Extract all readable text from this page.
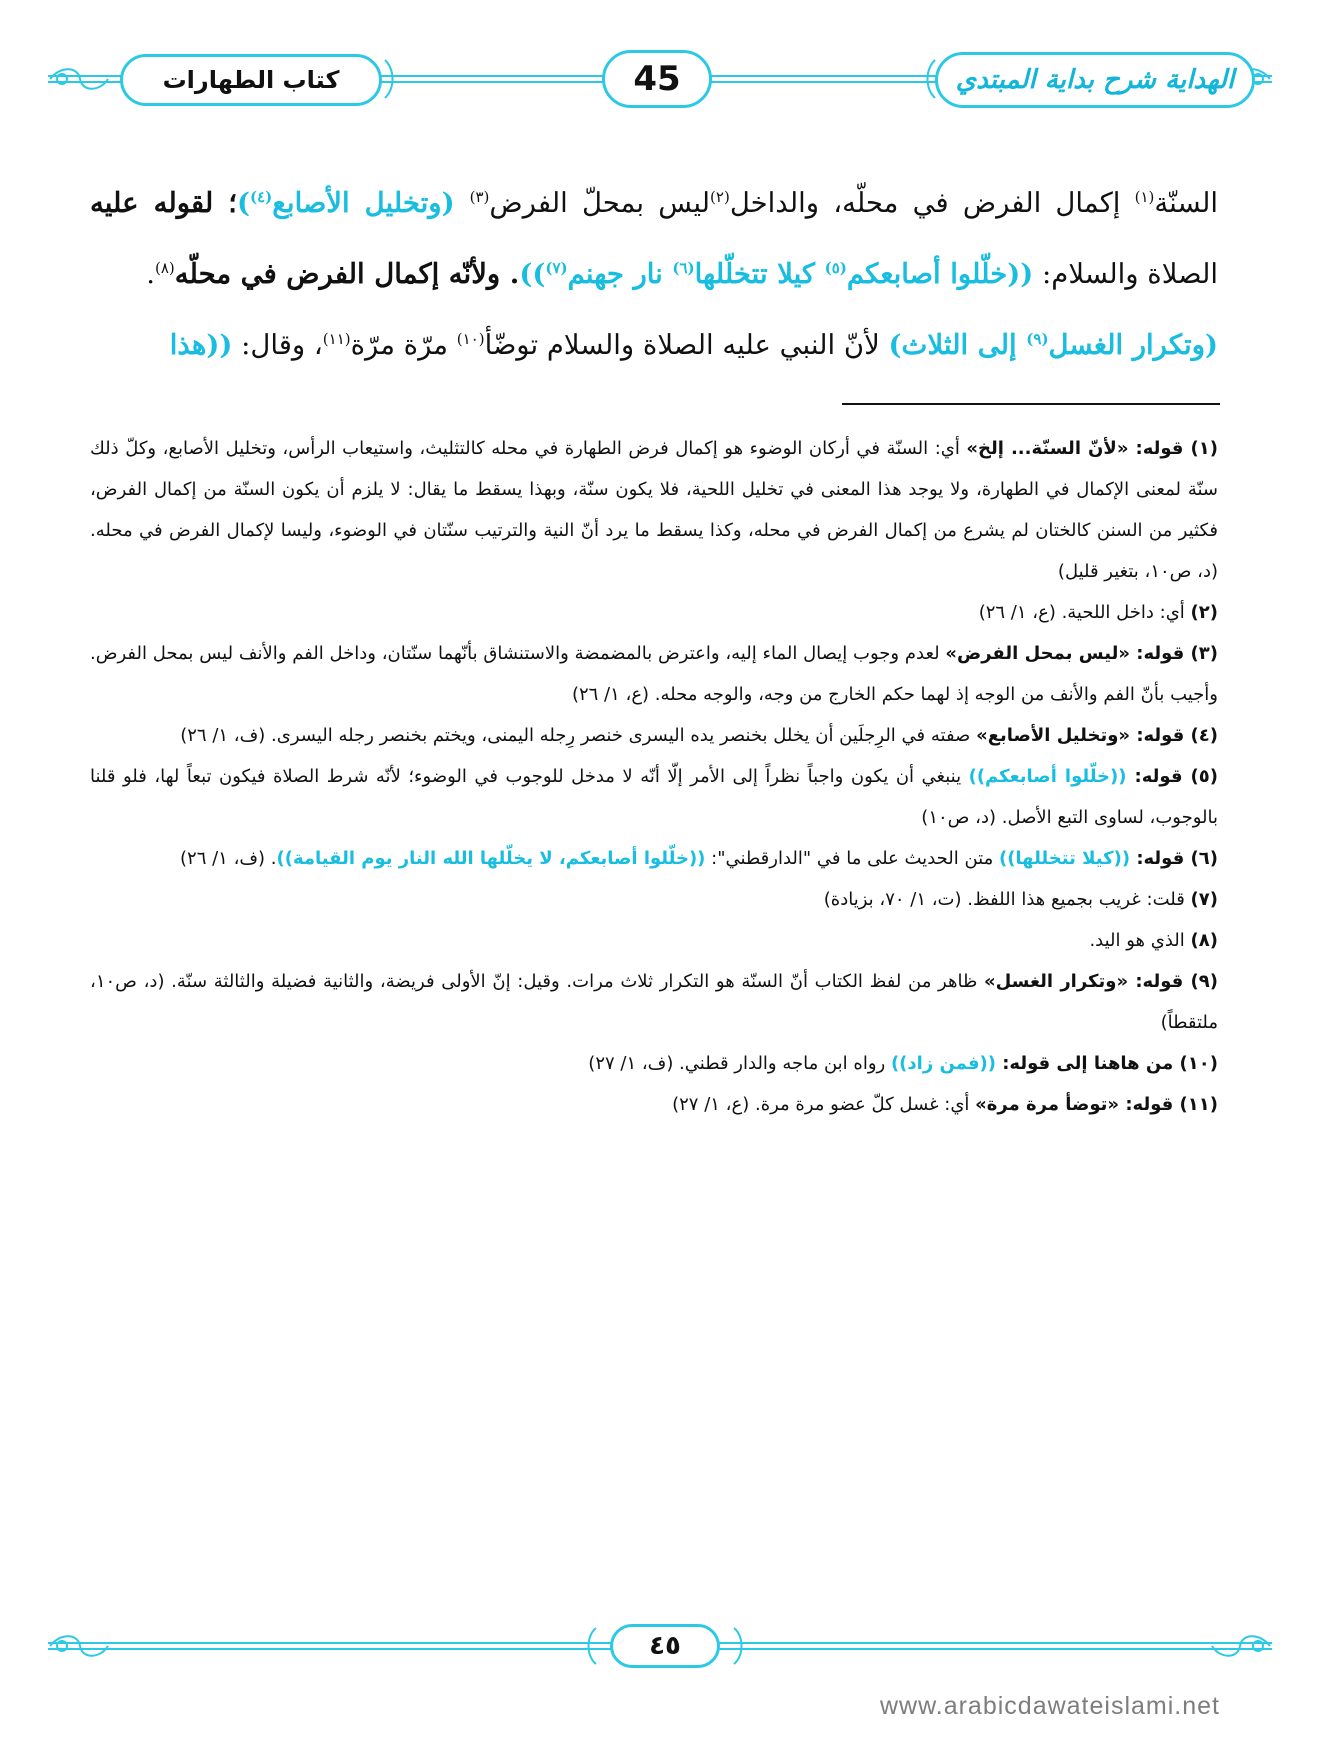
الهداية شرح بداية المبتدي
45
كتاب الطهارات
السنّة$^{(١)}$ إكمال الفرض في محلّه، والداخل$^{(٢)}$ليس بمحلّ الفرض$^{(٣)}$ (وتخليل الأصابع$^{(٤)}$)؛ لقوله عليه
الصلاة والسلام: ((خلّلوا أصابعكم$^{(٥)}$ كيلا تتخلّلها$^{(٦)}$ نار جهنم$^{(٧)}$)). ولأنّه إكمال الفرض في محلّه$^{(٨)}$.
(وتكرار الغسل$^{(٩)}$ إلى الثلاث) لأنّ النبي عليه الصلاة والسلام توضّأ$^{(١٠)}$ مرّة مرّة$^{(١١)}$، وقال: ((هذا

(١) قوله: «لأنّ السنّة... إلخ» أي: السنّة في أركان الوضوء هو إكمال فرض الطهارة في محله كالتثليث، واستيعاب الرأس، وتخليل الأصابع، وكلّ ذلك سنّة لمعنى الإكمال في الطهارة، ولا يوجد هذا المعنى في تخليل اللحية، فلا يكون سنّة، وبهذا يسقط ما يقال: لا يلزم أن يكون السنّة من إكمال الفرض، فكثير من السنن كالختان لم يشرع من إكمال الفرض في محله، وكذا يسقط ما يرد أنّ النية والترتيب سنّتان في الوضوء، وليسا لإكمال الفرض في محله. (د، ص١٠، بتغير قليل)

(٢) أي: داخل اللحية. (ع، ١/ ٢٦)

(٣) قوله: «ليس بمحل الفرض» لعدم وجوب إيصال الماء إليه، واعترض بالمضمضة والاستنشاق بأنّهما سنّتان، وداخل الفم والأنف ليس بمحل الفرض. وأجيب بأنّ الفم والأنف من الوجه إذ لهما حكم الخارج من وجه، والوجه محله. (ع، ١/ ٢٦)

(٤) قوله: «وتخليل الأصابع» صفته في الرِجلَين أن يخلل بخنصر يده اليسرى خنصر رِجله اليمنى، ويختم بخنصر رجله اليسرى. (ف، ١/ ٢٦)

(٥) قوله: ((خلّلوا أصابعكم)) ينبغي أن يكون واجباً نظراً إلى الأمر إلّا أنّه لا مدخل للوجوب في الوضوء؛ لأنّه شرط الصلاة فيكون تبعاً لها، فلو قلنا بالوجوب، لساوى التبع الأصل. (د، ص١٠)

(٦) قوله: ((كيلا تتخللها)) متن الحديث على ما في "الدارقطني": ((خلّلوا أصابعكم، لا يخلّلها الله النار يوم القيامة)). (ف، ١/ ٢٦)

(٧) قلت: غريب بجميع هذا اللفظ. (ت، ١/ ٧٠، بزيادة)

(٨) الذي هو اليد.

(٩) قوله: «وتكرار الغسل» ظاهر من لفظ الكتاب أنّ السنّة هو التكرار ثلاث مرات. وقيل: إنّ الأولى فريضة، والثانية فضيلة والثالثة سنّة. (د، ص١٠، ملتقطاً)

(١٠) من هاهنا إلى قوله: ((فمن زاد)) رواه ابن ماجه والدار قطني. (ف، ١/ ٢٧)

(١١) قوله: «توضأ مرة مرة» أي: غسل كلّ عضو مرة مرة. (ع، ١/ ٢٧)

٤٥
www.arabicdawateislami.net
